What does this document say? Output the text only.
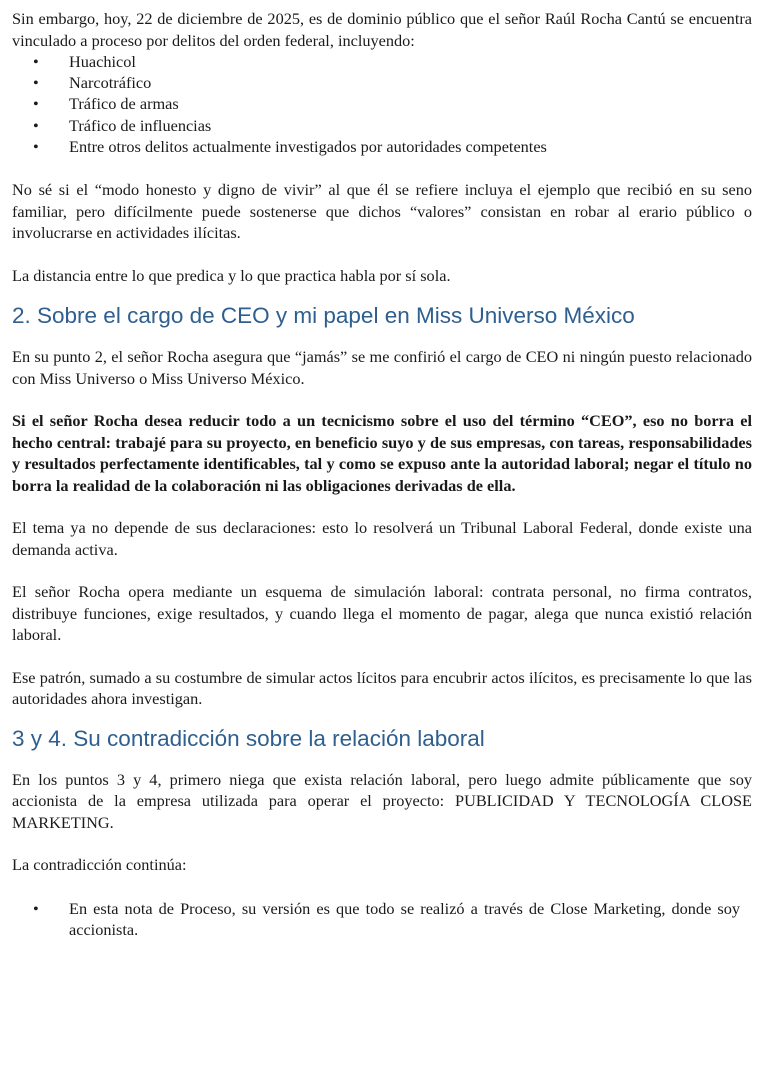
Sin embargo, hoy, 22 de diciembre de 2025, es de dominio público que el señor Raúl Rocha Cantú se encuentra vinculado a proceso por delitos del orden federal, incluyendo:

• Huachicol
• Narcotráfico
• Tráfico de armas
• Tráfico de influencias
• Entre otros delitos actualmente investigados por autoridades competentes

No sé si el “modo honesto y digno de vivir” al que él se refiere incluya el ejemplo que recibió en su seno familiar, pero difícilmente puede sostenerse que dichos “valores” consistan en robar al erario público o involucrarse en actividades ilícitas.

La distancia entre lo que predica y lo que practica habla por sí sola.

2. Sobre el cargo de CEO y mi papel en Miss Universo México

En su punto 2, el señor Rocha asegura que “jamás” se me confirió el cargo de CEO ni ningún puesto relacionado con Miss Universo o Miss Universo México.

Si el señor Rocha desea reducir todo a un tecnicismo sobre el uso del término “CEO”, eso no borra el hecho central: trabajé para su proyecto, en beneficio suyo y de sus empresas, con tareas, responsabilidades y resultados perfectamente identificables, tal y como se expuso ante la autoridad laboral; negar el título no borra la realidad de la colaboración ni las obligaciones derivadas de ella.

El tema ya no depende de sus declaraciones: esto lo resolverá un Tribunal Laboral Federal, donde existe una demanda activa.

El señor Rocha opera mediante un esquema de simulación laboral: contrata personal, no firma contratos, distribuye funciones, exige resultados, y cuando llega el momento de pagar, alega que nunca existió relación laboral.

Ese patrón, sumado a su costumbre de simular actos lícitos para encubrir actos ilícitos, es precisamente lo que las autoridades ahora investigan.

3 y 4. Su contradicción sobre la relación laboral

En los puntos 3 y 4, primero niega que exista relación laboral, pero luego admite públicamente que soy accionista de la empresa utilizada para operar el proyecto: PUBLICIDAD Y TECNOLOGÍA CLOSE MARKETING.

La contradicción continúa:

• En esta nota de Proceso, su versión es que todo se realizó a través de Close Marketing, donde soy accionista.
